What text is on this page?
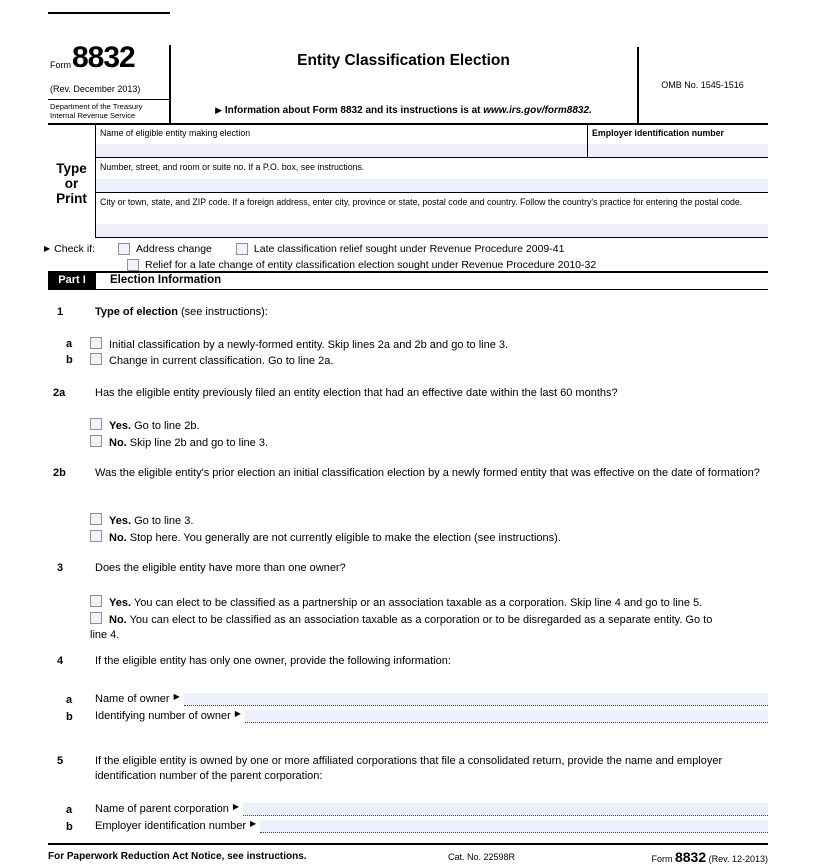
Form 8832
(Rev. December 2013)
Department of the Treasury
Internal Revenue Service
Entity Classification Election
▶ Information about Form 8832 and its instructions is at www.irs.gov/form8832.
OMB No. 1545-1516
Type
or
Print
Name of eligible entity making election	Employer identification number
Number, street, and room or suite no. If a P.O. box, see instructions.
City or town, state, and ZIP code. If a foreign address, enter city, province or state, postal code and country. Follow the country's practice for entering the postal code.
▶ Check if:	Address change	Late classification relief sought under Revenue Procedure 2009-41
Relief for a late change of entity classification election sought under Revenue Procedure 2010-32
Part I	Election Information
1	Type of election (see instructions):
a	Initial classification by a newly-formed entity. Skip lines 2a and 2b and go to line 3.
b	Change in current classification. Go to line 2a.
2a	Has the eligible entity previously filed an entity election that had an effective date within the last 60 months?
Yes. Go to line 2b.
No. Skip line 2b and go to line 3.
2b	Was the eligible entity's prior election an initial classification election by a newly formed entity that was effective on the date of formation?
Yes. Go to line 3.
No. Stop here. You generally are not currently eligible to make the election (see instructions).
3	Does the eligible entity have more than one owner?
Yes. You can elect to be classified as a partnership or an association taxable as a corporation. Skip line 4 and go to line 5.
No. You can elect to be classified as an association taxable as a corporation or to be disregarded as a separate entity. Go to line 4.
4	If the eligible entity has only one owner, provide the following information:
a Name of owner ▶
b Identifying number of owner ▶
5	If the eligible entity is owned by one or more affiliated corporations that file a consolidated return, provide the name and employer identification number of the parent corporation:
a Name of parent corporation ▶
b Employer identification number ▶
For Paperwork Reduction Act Notice, see instructions.	Cat. No. 22598R	Form 8832 (Rev. 12-2013)
